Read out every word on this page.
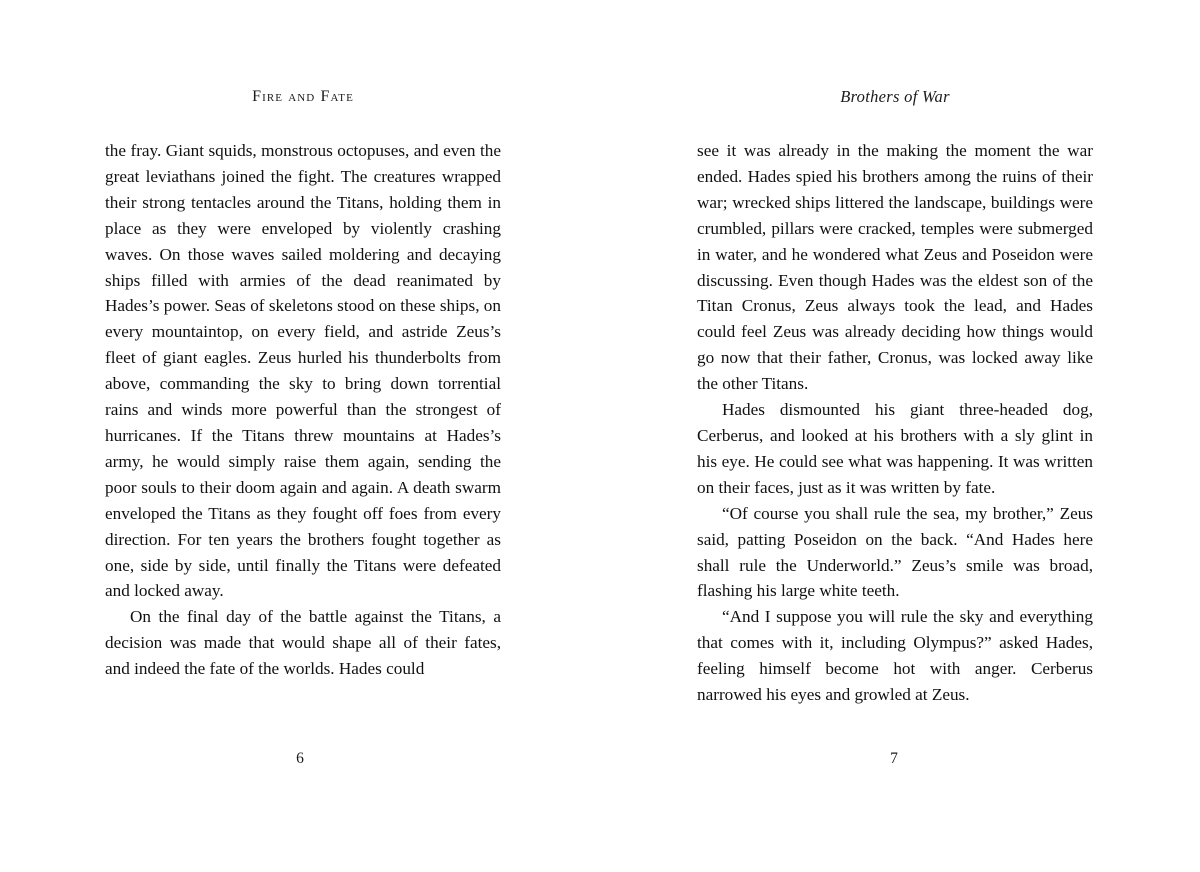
Fire and Fate

the fray. Giant squids, monstrous octopuses, and even the great leviathans joined the fight. The creatures wrapped their strong tentacles around the Titans, holding them in place as they were enveloped by violently crashing waves. On those waves sailed moldering and decaying ships filled with armies of the dead reanimated by Hades’s power. Seas of skeletons stood on these ships, on every mountaintop, on every field, and astride Zeus’s fleet of giant eagles. Zeus hurled his thunderbolts from above, commanding the sky to bring down torrential rains and winds more powerful than the strongest of hurricanes. If the Titans threw mountains at Hades’s army, he would simply raise them again, sending the poor souls to their doom again and again. A death swarm enveloped the Titans as they fought off foes from every direction. For ten years the brothers fought together as one, side by side, until finally the Titans were defeated and locked away.

On the final day of the battle against the Titans, a decision was made that would shape all of their fates, and indeed the fate of the worlds. Hades could

6
Brothers of War

see it was already in the making the moment the war ended. Hades spied his brothers among the ruins of their war; wrecked ships littered the landscape, buildings were crumbled, pillars were cracked, temples were submerged in water, and he wondered what Zeus and Poseidon were discussing. Even though Hades was the eldest son of the Titan Cronus, Zeus always took the lead, and Hades could feel Zeus was already deciding how things would go now that their father, Cronus, was locked away like the other Titans.

Hades dismounted his giant three-headed dog, Cerberus, and looked at his brothers with a sly glint in his eye. He could see what was happening. It was written on their faces, just as it was written by fate.

“Of course you shall rule the sea, my brother,” Zeus said, patting Poseidon on the back. “And Hades here shall rule the Underworld.” Zeus’s smile was broad, flashing his large white teeth.

“And I suppose you will rule the sky and everything that comes with it, including Olympus?” asked Hades, feeling himself become hot with anger. Cerberus narrowed his eyes and growled at Zeus.

7
